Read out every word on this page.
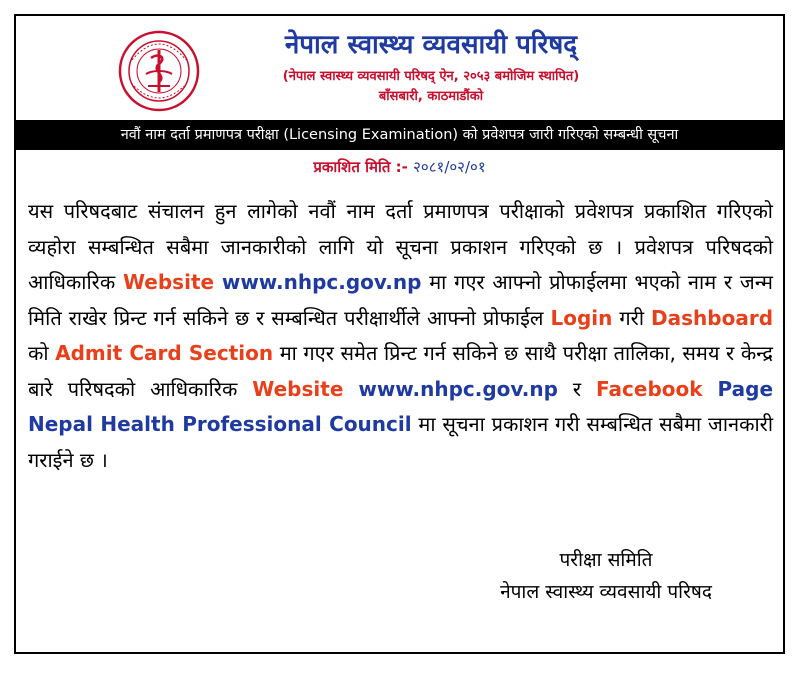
नेपाल स्वास्थ्य व्यवसायी परिषद्
(नेपाल स्वास्थ्य व्यवसायी परिषद् ऐन, २०५३ बमोजिम स्थापित)
बाँसबारी, काठमाडौंको
नवौं नाम दर्ता प्रमाणपत्र परीक्षा (Licensing Examination) को प्रवेशपत्र जारी गरिएको सम्बन्धी सूचना
प्रकाशित मिति :- २०८१/०२/०१

यस परिषदबाट संचालन हुन लागेको नवौं नाम दर्ता प्रमाणपत्र परीक्षाको प्रवेशपत्र प्रकाशित गरिएको व्यहोरा सम्बन्धित सबैमा जानकारीको लागि यो सूचना प्रकाशन गरिएको छ । प्रवेशपत्र परिषदको आधिकारिक Website www.nhpc.gov.np मा गएर आफ्नो प्रोफाईलमा भएको नाम र जन्म मिति राखेर प्रिन्ट गर्न सकिने छ र सम्बन्धित परीक्षार्थीले आफ्नो प्रोफाईल Login गरी Dashboard को Admit Card Section मा गएर समेत प्रिन्ट गर्न सकिने छ साथै परीक्षा तालिका, समय र केन्द्र बारे परिषदको आधिकारिक Website www.nhpc.gov.np र Facebook Page Nepal Health Professional Council मा सूचना प्रकाशन गरी सम्बन्धित सबैमा जानकारी गराईने छ ।

परीक्षा समिति
नेपाल स्वास्थ्य व्यवसायी परिषद
